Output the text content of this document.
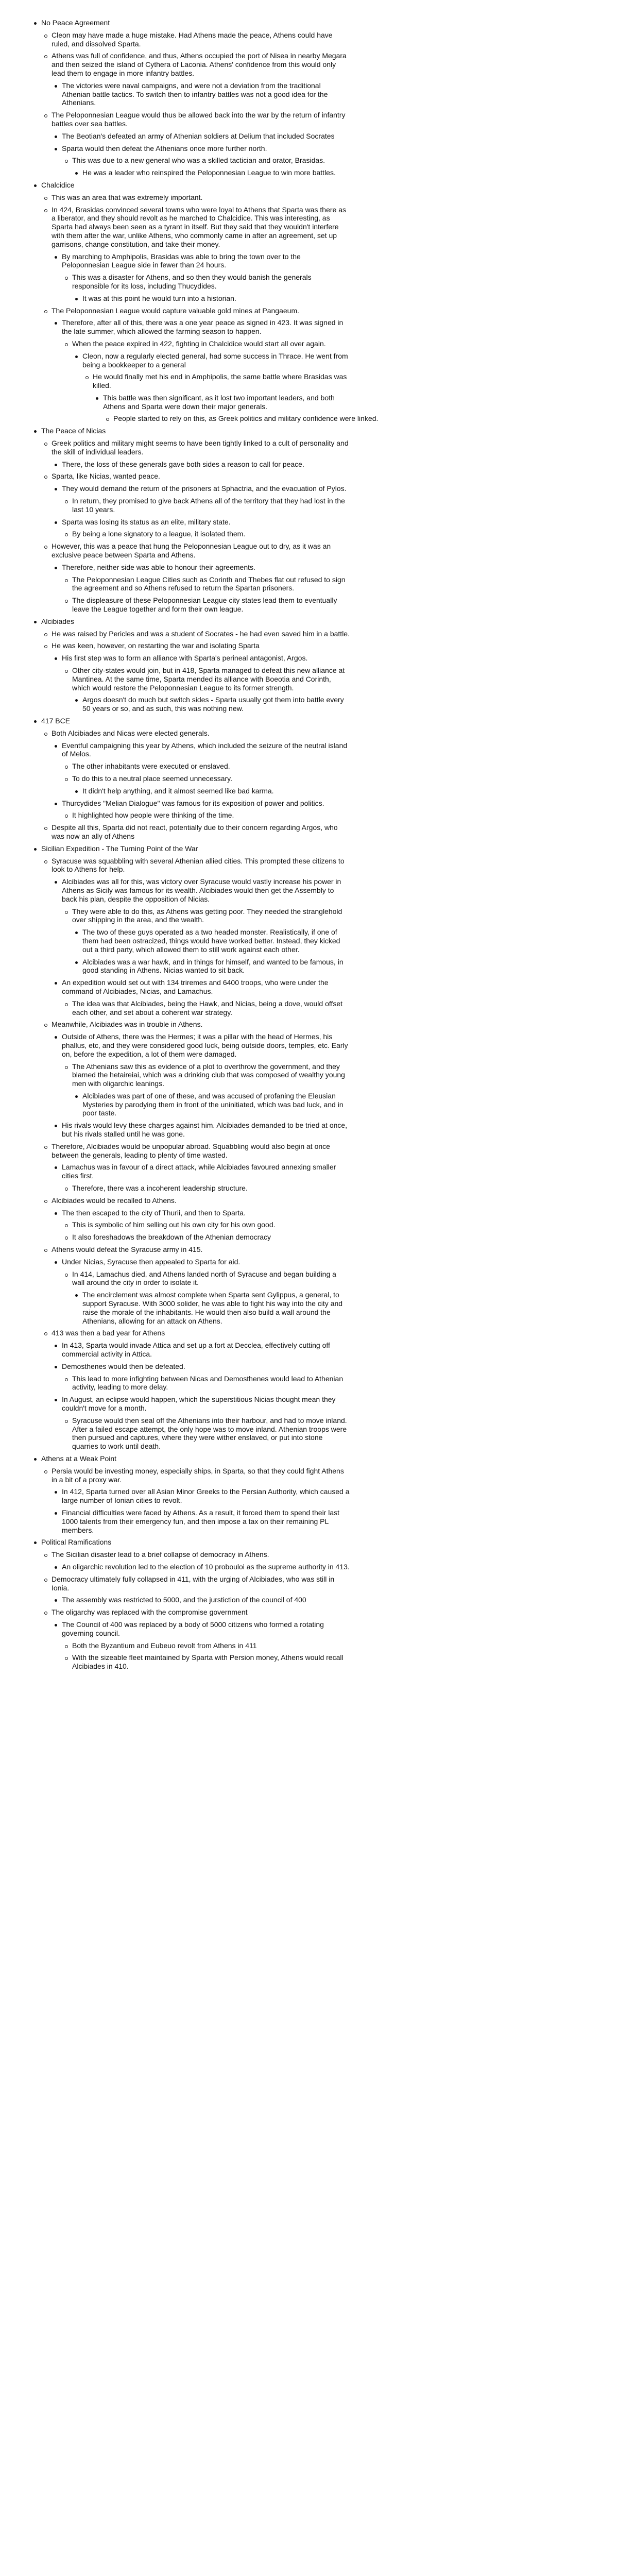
No Peace Agreement
Cleon may have made a huge mistake. Had Athens made the peace, Athens could have ruled, and dissolved Sparta.
Athens was full of confidence, and thus, Athens occupied the port of Nisea in nearby Megara and then seized the island of Cythera of Laconia. Athens' confidence from this would only lead them to engage in more infantry battles.
The victories were naval campaigns, and were not a deviation from the traditional Athenian battle tactics. To switch then to infantry battles was not a good idea for the Athenians.
The Peloponnesian League would thus be allowed back into the war by the return of infantry battles over sea battles.
The Beotian's defeated an army of Athenian soldiers at Delium that included Socrates
Sparta would then defeat the Athenians once more further north.
This was due to a new general who was a skilled tactician and orator, Brasidas.
He was a leader who reinspired the Peloponnesian League to win more battles.
Chalcidice
This was an area that was extremely important.
In 424, Brasidas convinced several towns who were loyal to Athens that Sparta was there as a liberator, and they should revolt as he marched to Chalcidice. This was interesting, as Sparta had always been seen as a tyrant in itself. But they said that they wouldn't interfere with them after the war, unlike Athens, who commonly came in after an agreement, set up garrisons, change constitution, and take their money.
By marching to Amphipolis, Brasidas was able to bring the town over to the Peloponnesian League side in fewer than 24 hours.
This was a disaster for Athens, and so then they would banish the generals responsible for its loss, including Thucydides.
It was at this point he would turn into a historian.
The Peloponnesian League would capture valuable gold mines at Pangaeum.
Therefore, after all of this, there was a one year peace as signed in 423. It was signed in the late summer, which allowed the farming season to happen.
When the peace expired in 422, fighting in Chalcidice would start all over again.
Cleon, now a regularly elected general, had some success in Thrace. He went from being a bookkeeper to a general
He would finally met his end in Amphipolis, the same battle where Brasidas was killed.
This battle was then significant, as it lost two important leaders, and both Athens and Sparta were down their major generals.
People started to rely on this, as Greek politics and military confidence were linked.
The Peace of Nicias
Greek politics and military might seems to have been tightly linked to a cult of personality and the skill of individual leaders.
There, the loss of these generals gave both sides a reason to call for peace.
Sparta, like Nicias, wanted peace.
They would demand the return of the prisoners at Sphactria, and the evacuation of Pylos.
In return, they promised to give back Athens all of the territory that they had lost in the last 10 years.
Sparta was losing its status as an elite, military state.
By being a lone signatory to a league, it isolated them.
However, this was a peace that hung the Peloponnesian League out to dry, as it was an exclusive peace between Sparta and Athens.
Therefore, neither side was able to honour their agreements.
The Peloponnesian League Cities such as Corinth and Thebes flat out refused to sign the agreement and so Athens refused to return the Spartan prisoners.
The displeasure of these Peloponnesian League city states lead them to eventually leave the League together and form their own league.
Alcibiades
He was raised by Pericles and was a student of Socrates - he had even saved him in a battle.
He was keen, however, on restarting the war and isolating Sparta
His first step was to form an alliance with Sparta's perineal antagonist, Argos.
Other city-states would join, but in 418, Sparta managed to defeat this new alliance at Mantinea. At the same time, Sparta mended its alliance with Boeotia and Corinth, which would restore the Peloponnesian League to its former strength.
Argos doesn't do much but switch sides - Sparta usually got them into battle every 50 years or so, and as such, this was nothing new.
417 BCE
Both Alcibiades and Nicas were elected generals.
Eventful campaigning this year by Athens, which included the seizure of the neutral island of Melos.
The other inhabitants were executed or enslaved.
To do this to a neutral place seemed unnecessary.
It didn't help anything, and it almost seemed like bad karma.
Thurcydides "Melian Dialogue" was famous for its exposition of power and politics.
It highlighted how people were thinking of the time.
Despite all this, Sparta did not react, potentially due to their concern regarding Argos, who was now an ally of Athens
Sicilian Expedition - The Turning Point of the War
Syracuse was squabbling with several Athenian allied cities. This prompted these citizens to look to Athens for help.
Alcibiades was all for this, was victory over Syracuse would vastly increase his power in Athens as Sicily was famous for its wealth. Alcibiades would then get the Assembly to back his plan, despite the opposition of Nicias.
They were able to do this, as Athens was getting poor. They needed the stranglehold over shipping in the area, and the wealth.
The two of these guys operated as a two headed monster. Realistically, if one of them had been ostracized, things would have worked better. Instead, they kicked out a third party, which allowed them to still work against each other.
Alcibiades was a war hawk, and in things for himself, and wanted to be famous, in good standing in Athens. Nicias wanted to sit back.
An expedition would set out with 134 triremes and 6400 troops, who were under the command of Alcibiades, Nicias, and Lamachus.
The idea was that Alcibiades, being the Hawk, and Nicias, being a dove, would offset each other, and set about a coherent war strategy.
Meanwhile, Alcibiades was in trouble in Athens.
Outside of Athens, there was the Hermes; it was a pillar with the head of Hermes, his phallus, etc, and they were considered good luck, being outside doors, temples, etc. Early on, before the expedition, a lot of them were damaged.
The Athenians saw this as evidence of a plot to overthrow the government, and they blamed the hetaireiai, which was a drinking club that was composed of wealthy young men with oligarchic leanings.
Alcibiades was part of one of these, and was accused of profaning the Eleusian Mysteries by parodying them in front of the uninitiated, which was bad luck, and in poor taste.
His rivals would levy these charges against him. Alcibiades demanded to be tried at once, but his rivals stalled until he was gone.
Therefore, Alcibiades would be unpopular abroad. Squabbling would also begin at once between the generals, leading to plenty of time wasted.
Lamachus was in favour of a direct attack, while Alcibiades favoured annexing smaller cities first.
Therefore, there was a incoherent leadership structure.
Alcibiades would be recalled to Athens.
The then escaped to the city of Thurii, and then to Sparta.
This is symbolic of him selling out his own city for his own good.
It also foreshadows the breakdown of the Athenian democracy
Athens would defeat the Syracuse army in 415.
Under Nicias, Syracuse then appealed to Sparta for aid.
In 414, Lamachus died, and Athens landed north of Syracuse and began building a wall around the city in order to isolate it.
The encirclement was almost complete when Sparta sent Gylippus, a general, to support Syracuse. With 3000 solider, he was able to fight his way into the city and raise the morale of the inhabitants. He would then also build a wall around the Athenians, allowing for an attack on Athens.
413 was then a bad year for Athens
In 413, Sparta would invade Attica and set up a fort at Decclea, effectively cutting off commercial activity in Attica.
Demosthenes would then be defeated.
This lead to more infighting between Nicas and Demosthenes would lead to Athenian activity, leading to more delay.
In August, an eclipse would happen, which the superstitious Nicias thought mean they couldn't move for a month.
Syracuse would then seal off the Athenians into their harbour, and had to move inland. After a failed escape attempt, the only hope was to move inland. Athenian troops were then pursued and captures, where they were wither enslaved, or put into stone quarries to work until death.
Athens at a Weak Point
Persia would be investing money, especially ships, in Sparta, so that they could fight Athens in a bit of a proxy war.
In 412, Sparta turned over all Asian Minor Greeks to the Persian Authority, which caused a large number of Ionian cities to revolt.
Financial difficulties were faced by Athens. As a result, it forced them to spend their last 1000 talents from their emergency fun, and then impose a tax on their remaining PL members.
Political Ramifications
The Sicilian disaster lead to a brief collapse of democracy in Athens.
An oligarchic revolution led to the election of 10 probouloi as the supreme authority in 413.
Democracy ultimately fully collapsed in 411, with the urging of Alcibiades, who was still in Ionia.
The assembly was restricted to 5000, and the jurstiction of the council of 400
The oligarchy was replaced with the compromise government
The Council of 400 was replaced by a body of 5000 citizens who formed a rotating governing council.
Both the Byzantium and Eubeuo revolt from Athens in 411
With the sizeable fleet maintained by Sparta with Persion money, Athens would recall Alcibiades in 410.
